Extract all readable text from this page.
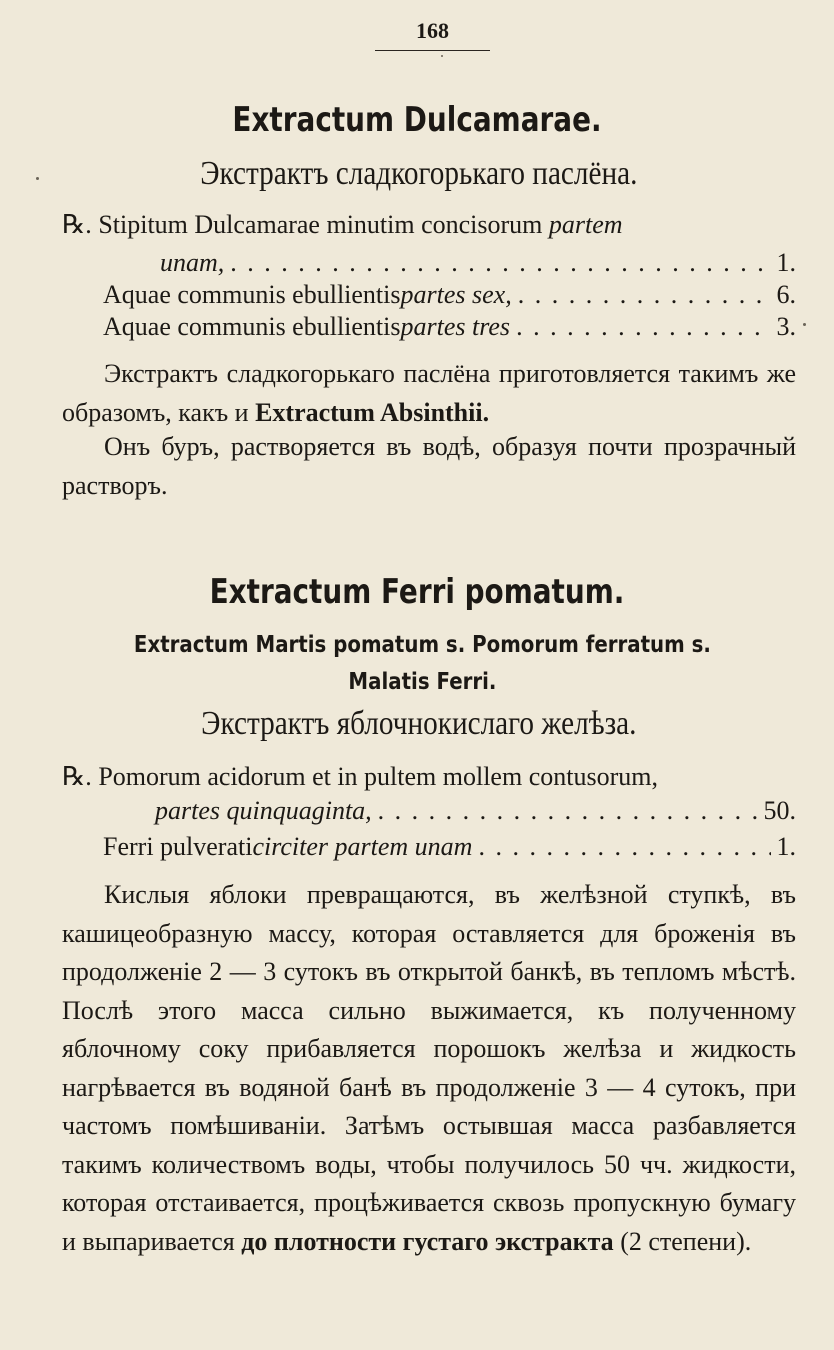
168
Extractum Dulcamarae.
Экстрактъ сладкогорькаго паслёна.
℞. Stipitum Dulcamarae minutim concisorum partem
unam, . . .	1.
Aquae communis ebullientis partes sex, . . .	6.
Aquae communis ebullientis partes tres . . .	3.
Экстрактъ сладкогорькаго паслёна приготовляется такимъ же образомъ, какъ и Extractum Absinthii.
Онъ буръ, растворяется въ водѣ, образуя почти прозрачный растворъ.
Extractum Ferri pomatum.
Extractum Martis pomatum s. Pomorum ferratum s. Malatis Ferri.
Экстрактъ яблочнокислаго желѣза.
℞. Pomorum acidorum et in pultem mollem contusorum,
partes quinquaginta, . . .	50.
Ferri pulverati circiter partem unam . . .	1.
Кислыя яблоки превращаются, въ желѣзной ступкѣ, въ кашицеобразную массу, которая оставляется для броженія въ продолженіе 2 — 3 сутокъ въ открытой банкѣ, въ тепломъ мѣстѣ. Послѣ этого масса сильно выжимается, къ полученному яблочному соку прибавляется порошокъ желѣза и жидкость нагрѣвается въ водяной банѣ въ продолженіе 3 — 4 сутокъ, при частомъ помѣшиваніи. Затѣмъ остывшая масса разбавляется такимъ количествомъ воды, чтобы получилось 50 чч. жидкости, которая отстаивается, процѣживается сквозь пропускную бумагу и выпаривается до плотности густаго экстракта (2 степени).
